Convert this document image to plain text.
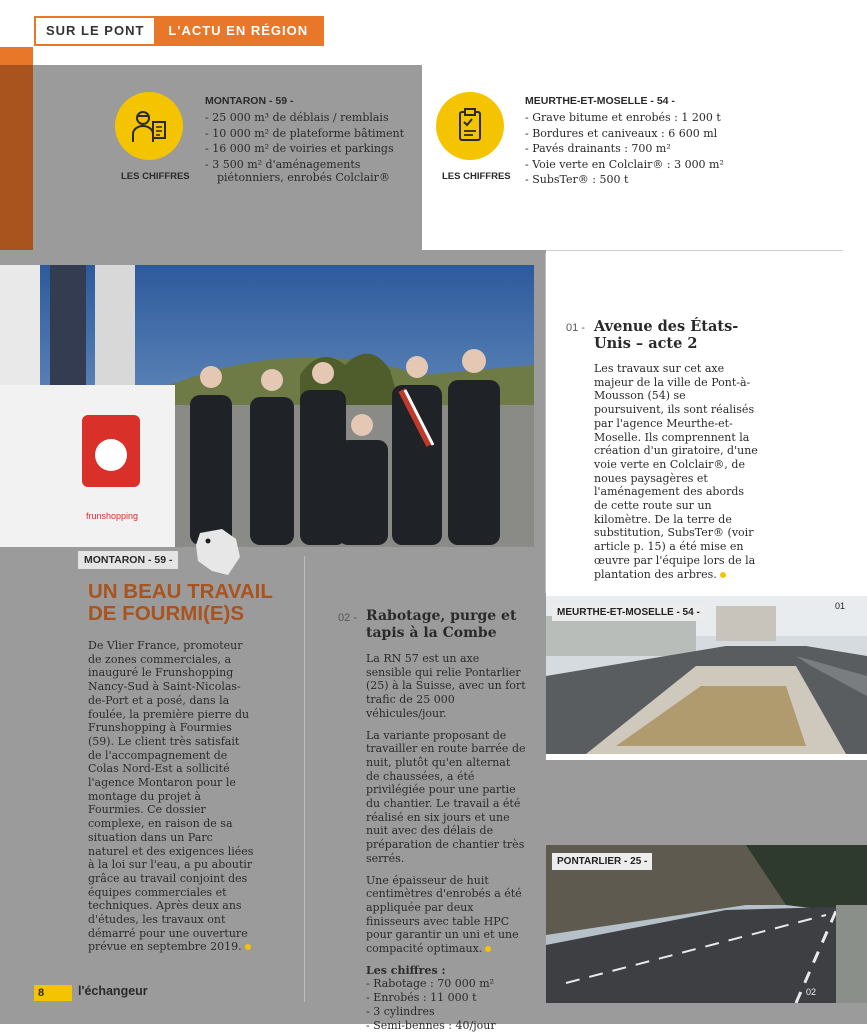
SUR LE PONT	L'ACTU EN RÉGION
LES CHIFFRES
MONTARON - 59 -
- 25 000 m³ de déblais / remblais
- 10 000 m² de plateforme bâtiment
- 16 000 m² de voiries et parkings
- 3 500 m² d'aménagements piétonniers, enrobés Colclair®	LES CHIFFRES
MEURTHE-ET-MOSELLE - 54 -
- Grave bitume et enrobés : 1 200 t
- Bordures et caniveaux : 6 600 ml
- Pavés drainants : 700 m²
- Voie verte en Colclair® : 3 000 m²
- SubsTer® : 500 t
frunshopping
MONTARON - 59 -
UN BEAU TRAVAIL DE FOURMI(E)S
De Vlier France, promoteur de zones commerciales, a inauguré le Frunshopping Nancy-Sud à Saint-Nicolas-de-Port et a posé, dans la foulée, la première pierre du Frunshopping à Fourmies (59). Le client très satisfait de l'accompagnement de Colas Nord-Est a sollicité l'agence Montaron pour le montage du projet à Fourmies. Ce dossier complexe, en raison de sa situation dans un Parc naturel et des exigences liées à la loi sur l'eau, a pu aboutir grâce au travail conjoint des équipes commerciales et techniques. Après deux ans d'études, les travaux ont démarré pour une ouverture prévue en septembre 2019.
02 - Rabotage, purge et tapis à la Combe

La RN 57 est un axe sensible qui relie Pontarlier (25) à la Suisse, avec un fort trafic de 25 000 véhicules/jour.

La variante proposant de travailler en route barrée de nuit, plutôt qu'en alternat de chaussées, a été privilégiée pour une partie du chantier. Le travail a été réalisé en six jours et une nuit avec des délais de préparation de chantier très serrés.

Une épaisseur de huit centimètres d'enrobés a été appliquée par deux finisseurs avec table HPC pour garantir un uni et une compacité optimaux.

Les chiffres :
- Rabotage : 70 000 m²
- Enrobés : 11 000 t
- 3 cylindres
- Semi-bennes : 40/jour
01 - Avenue des États-Unis – acte 2
Les travaux sur cet axe majeur de la ville de Pont-à-Mousson (54) se poursuivent, ils sont réalisés par l'agence Meurthe-et-Moselle. Ils comprennent la création d'un giratoire, d'une voie verte en Colclair®, de noues paysagères et l'aménagement des abords de cette route sur un kilomètre. De la terre de substitution, SubsTer® (voir article p. 15) a été mise en œuvre par l'équipe lors de la plantation des arbres.
MEURTHE-ET-MOSELLE - 54 -
01
PONTARLIER - 25 -
02
8	l'échangeur
